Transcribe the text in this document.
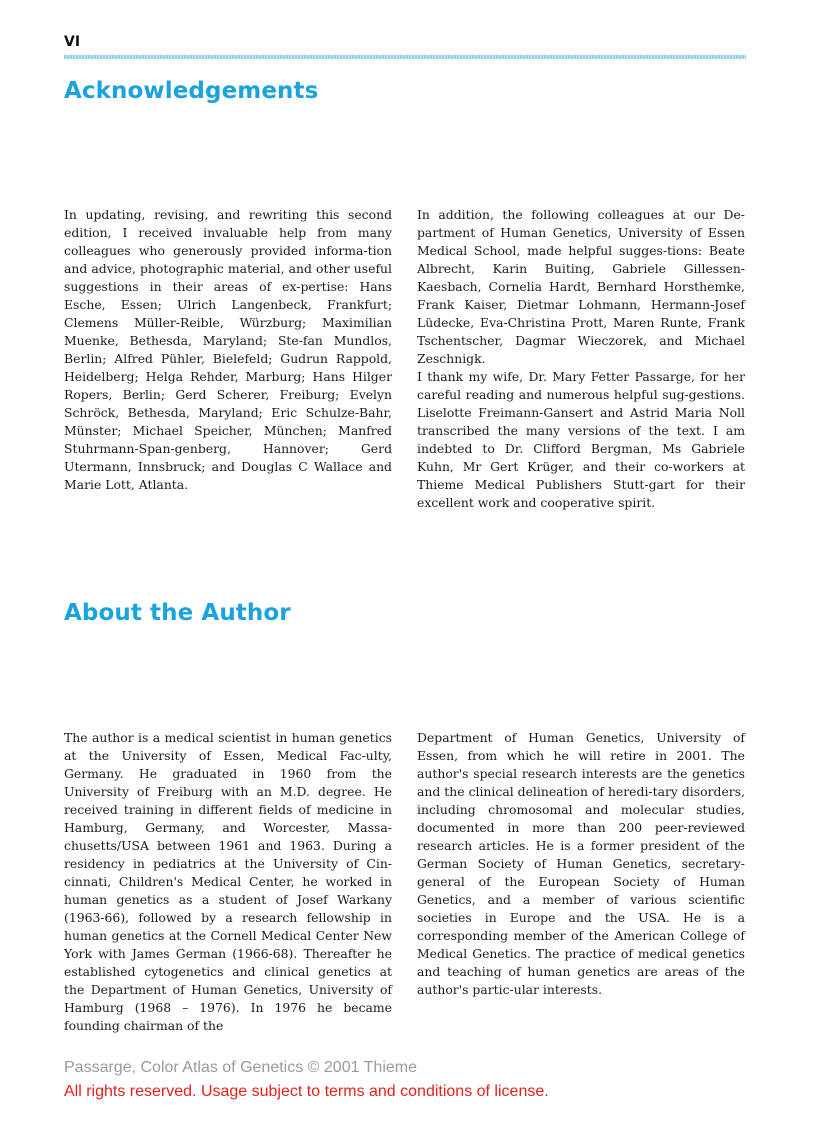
VI
Acknowledgements

In updating, revising, and rewriting this second edition, I received invaluable help from many colleagues who generously provided informa-tion and advice, photographic material, and other useful suggestions in their areas of ex-pertise: Hans Esche, Essen; Ulrich Langenbeck, Frankfurt; Clemens Müller-Reible, Würzburg; Maximilian Muenke, Bethesda, Maryland; Ste-fan Mundlos, Berlin; Alfred Pühler, Bielefeld; Gudrun Rappold, Heidelberg; Helga Rehder, Marburg; Hans Hilger Ropers, Berlin; Gerd Scherer, Freiburg; Evelyn Schröck, Bethesda, Maryland; Eric Schulze-Bahr, Münster; Michael Speicher, München; Manfred Stuhrmann-Span-genberg, Hannover; Gerd Utermann, Innsbruck; and Douglas C Wallace and Marie Lott, Atlanta.

In addition, the following colleagues at our De-partment of Human Genetics, University of Essen Medical School, made helpful sugges-tions: Beate Albrecht, Karin Buiting, Gabriele Gillessen-Kaesbach, Cornelia Hardt, Bernhard Horsthemke, Frank Kaiser, Dietmar Lohmann, Hermann-Josef Lüdecke, Eva-Christina Prott, Maren Runte, Frank Tschentscher, Dagmar Wieczorek, and Michael Zeschnigk.

I thank my wife, Dr. Mary Fetter Passarge, for her careful reading and numerous helpful sug-gestions. Liselotte Freimann-Gansert and Astrid Maria Noll transcribed the many versions of the text. I am indebted to Dr. Clifford Bergman, Ms Gabriele Kuhn, Mr Gert Krüger, and their co-workers at Thieme Medical Publishers Stutt-gart for their excellent work and cooperative spirit.

About the Author

The author is a medical scientist in human genetics at the University of Essen, Medical Fac-ulty, Germany. He graduated in 1960 from the University of Freiburg with an M.D. degree. He received training in different fields of medicine in Hamburg, Germany, and Worcester, Massa-chusetts/USA between 1961 and 1963. During a residency in pediatrics at the University of Cin-cinnati, Children's Medical Center, he worked in human genetics as a student of Josef Warkany (1963-66), followed by a research fellowship in human genetics at the Cornell Medical Center New York with James German (1966-68). Thereafter he established cytogenetics and clinical genetics at the Department of Human Genetics, University of Hamburg (1968 – 1976). In 1976 he became founding chairman of the

Department of Human Genetics, University of Essen, from which he will retire in 2001. The author's special research interests are the genetics and the clinical delineation of heredi-tary disorders, including chromosomal and molecular studies, documented in more than 200 peer-reviewed research articles. He is a former president of the German Society of Human Genetics, secretary-general of the European Society of Human Genetics, and a member of various scientific societies in Europe and the USA. He is a corresponding member of the American College of Medical Genetics. The practice of medical genetics and teaching of human genetics are areas of the author's partic-ular interests.

Passarge, Color Atlas of Genetics © 2001 Thieme
All rights reserved. Usage subject to terms and conditions of license.
